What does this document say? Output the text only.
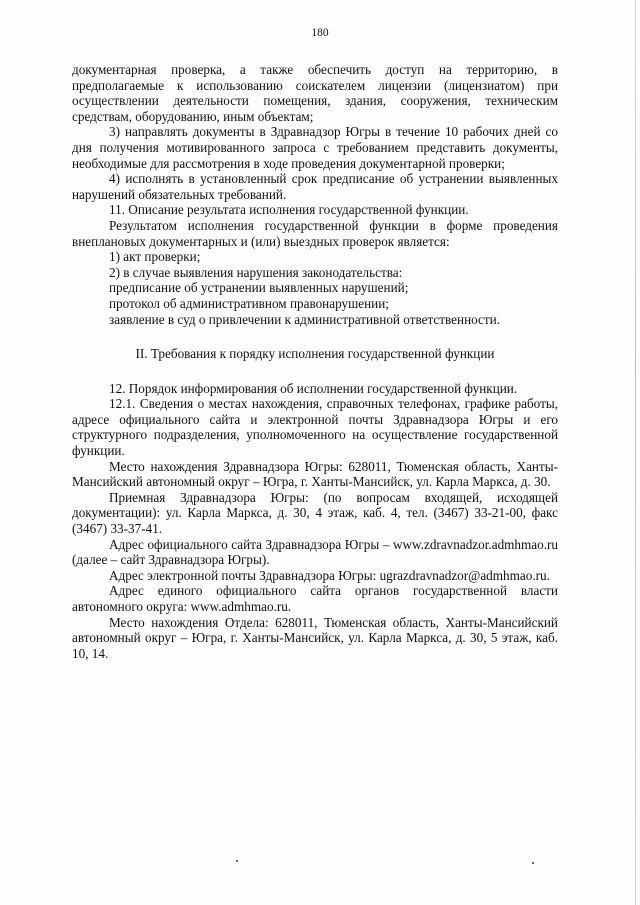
180

документарная проверка, а также обеспечить доступ на территорию, в предполагаемые к использованию соискателем лицензии (лицензиатом) при осуществлении деятельности помещения, здания, сооружения, техническим средствам, оборудованию, иным объектам;

3) направлять документы в Здравнадзор Югры в течение 10 рабочих дней со дня получения мотивированного запроса с требованием представить документы, необходимые для рассмотрения в ходе проведения документарной проверки;

4) исполнять в установленный срок предписание об устранении выявленных нарушений обязательных требований.

11. Описание результата исполнения государственной функции.

Результатом исполнения государственной функции в форме проведения внеплановых документарных и (или) выездных проверок является:

1) акт проверки;

2) в случае выявления нарушения законодательства:

предписание об устранении выявленных нарушений;

протокол об административном правонарушении;

заявление в суд о привлечении к административной ответственности.

II. Требования к порядку исполнения государственной функции

12. Порядок информирования об исполнении государственной функции.

12.1. Сведения о местах нахождения, справочных телефонах, графике работы, адресе официального сайта и электронной почты Здравнадзора Югры и его структурного подразделения, уполномоченного на осуществление государственной функции.

Место нахождения Здравнадзора Югры: 628011, Тюменская область, Ханты-Мансийский автономный округ – Югра, г. Ханты-Мансийск, ул. Карла Маркса, д. 30.

Приемная Здравнадзора Югры: (по вопросам входящей, исходящей документации): ул. Карла Маркса, д. 30, 4 этаж, каб. 4, тел. (3467) 33-21-00, факс (3467) 33-37-41.

Адрес официального сайта Здравнадзора Югры – www.zdravnadzor.admhmao.ru (далее – сайт Здравнадзора Югры).

Адрес электронной почты Здравнадзора Югры: ugrazdravnadzor@admhmao.ru.

Адрес единого официального сайта органов государственной власти автономного округа: www.admhmao.ru.

Место нахождения Отдела: 628011, Тюменская область, Ханты-Мансийский автономный округ – Югра, г. Ханты-Мансийск, ул. Карла Маркса, д. 30, 5 этаж, каб. 10, 14.
